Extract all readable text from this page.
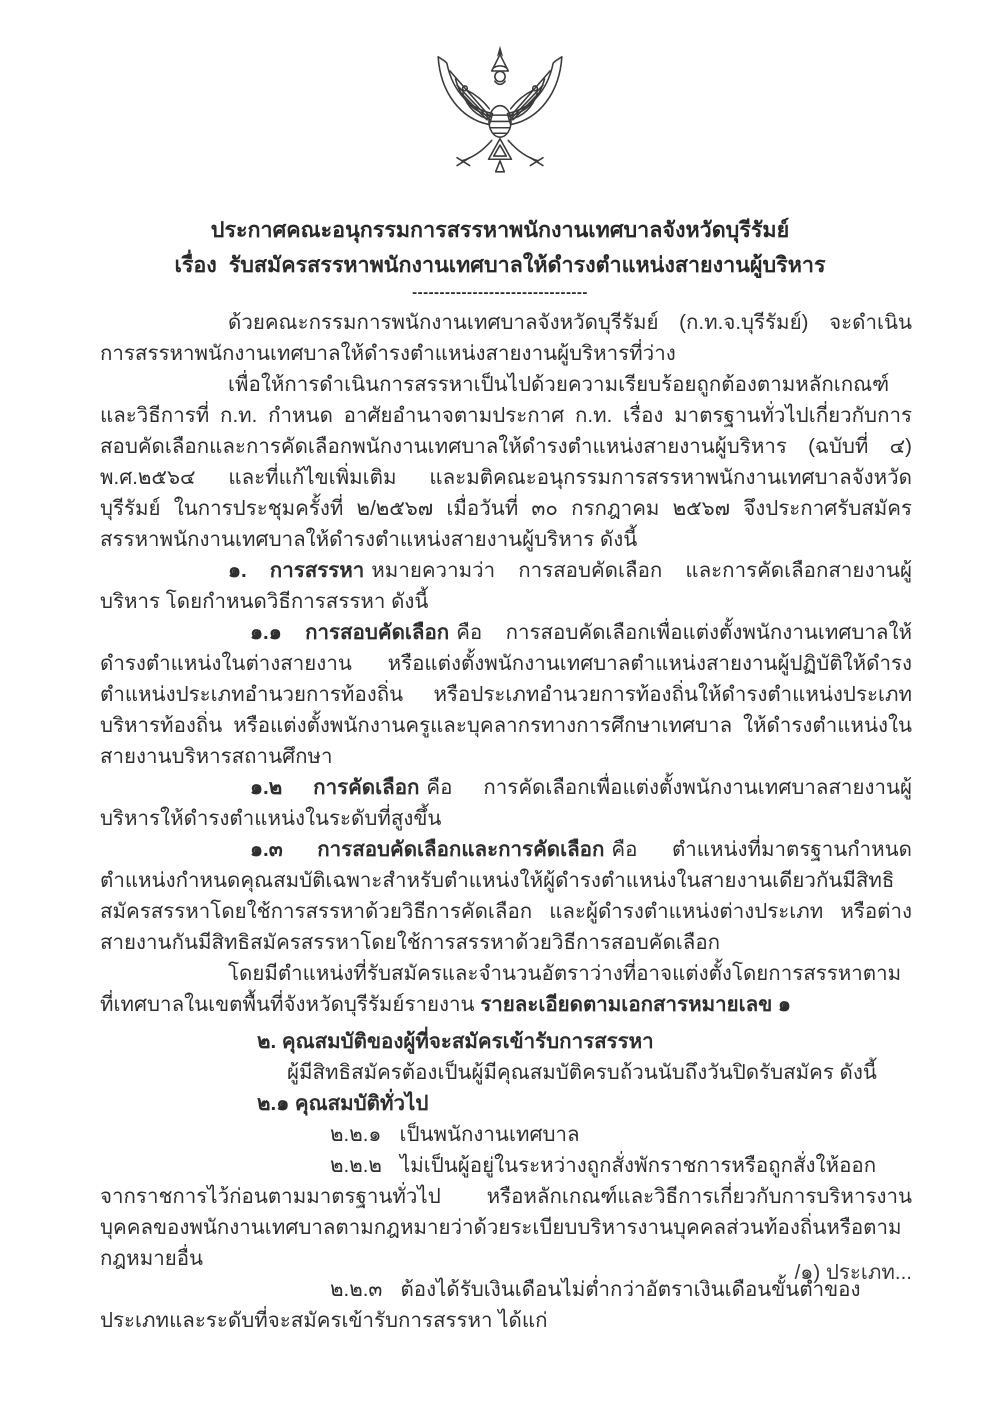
ประกาศคณะอนุกรรมการสรรหาพนักงานเทศบาลจังหวัดบุรีรัมย์
เรื่อง  รับสมัครสรรหาพนักงานเทศบาลให้ดำรงตำแหน่งสายงานผู้บริหาร
--------------------------------

ด้วยคณะกรรมการพนักงานเทศบาลจังหวัดบุรีรัมย์ (ก.ท.จ.บุรีรัมย์) จะดำเนินการสรรหาพนักงานเทศบาลให้ดำรงตำแหน่งสายงานผู้บริหารที่ว่าง

เพื่อให้การดำเนินการสรรหาเป็นไปด้วยความเรียบร้อยถูกต้องตามหลักเกณฑ์และวิธีการที่ ก.ท. กำหนด อาศัยอำนาจตามประกาศ ก.ท. เรื่อง มาตรฐานทั่วไปเกี่ยวกับการสอบคัดเลือกและการคัดเลือกพนักงานเทศบาลให้ดำรงตำแหน่งสายงานผู้บริหาร (ฉบับที่ ๔) พ.ศ.๒๕๖๔ และที่แก้ไขเพิ่มเติม และมติคณะอนุกรรมการสรรหาพนักงานเทศบาลจังหวัดบุรีรัมย์ ในการประชุมครั้งที่ ๒/๒๕๖๗ เมื่อวันที่ ๓๐ กรกฎาคม ๒๕๖๗ จึงประกาศรับสมัครสรรหาพนักงานเทศบาลให้ดำรงตำแหน่งสายงานผู้บริหาร ดังนี้

๑. การสรรหา หมายความว่า การสอบคัดเลือก และการคัดเลือกสายงานผู้บริหาร โดยกำหนดวิธีการสรรหา ดังนี้

๑.๑ การสอบคัดเลือก คือ การสอบคัดเลือกเพื่อแต่งตั้งพนักงานเทศบาลให้ดำรงตำแหน่งในต่างสายงาน หรือแต่งตั้งพนักงานเทศบาลตำแหน่งสายงานผู้ปฏิบัติให้ดำรงตำแหน่งประเภทอำนวยการท้องถิ่น หรือประเภทอำนวยการท้องถิ่นให้ดำรงตำแหน่งประเภทบริหารท้องถิ่น หรือแต่งตั้งพนักงานครูและบุคลากรทางการศึกษาเทศบาล ให้ดำรงตำแหน่งในสายงานบริหารสถานศึกษา

๑.๒ การคัดเลือก คือ การคัดเลือกเพื่อแต่งตั้งพนักงานเทศบาลสายงานผู้บริหารให้ดำรงตำแหน่งในระดับที่สูงขึ้น

๑.๓ การสอบคัดเลือกและการคัดเลือก คือ ตำแหน่งที่มาตรฐานกำหนดตำแหน่งกำหนดคุณสมบัติเฉพาะสำหรับตำแหน่งให้ผู้ดำรงตำแหน่งในสายงานเดียวกันมีสิทธิสมัครสรรหาโดยใช้การสรรหาด้วยวิธีการคัดเลือก และผู้ดำรงตำแหน่งต่างประเภท หรือต่างสายงานกันมีสิทธิสมัครสรรหาโดยใช้การสรรหาด้วยวิธีการสอบคัดเลือก

โดยมีตำแหน่งที่รับสมัครและจำนวนอัตราว่างที่อาจแต่งตั้งโดยการสรรหาตามที่เทศบาลในเขตพื้นที่จังหวัดบุรีรัมย์รายงาน รายละเอียดตามเอกสารหมายเลข ๑

๒. คุณสมบัติของผู้ที่จะสมัครเข้ารับการสรรหา

ผู้มีสิทธิสมัครต้องเป็นผู้มีคุณสมบัติครบถ้วนนับถึงวันปิดรับสมัคร ดังนี้

๒.๑ คุณสมบัติทั่วไป

๒.๒.๑ เป็นพนักงานเทศบาล

๒.๒.๒ ไม่เป็นผู้อยู่ในระหว่างถูกสั่งพักราชการหรือถูกสั่งให้ออกจากราชการไว้ก่อนตามมาตรฐานทั่วไป หรือหลักเกณฑ์และวิธีการเกี่ยวกับการบริหารงานบุคคลของพนักงานเทศบาลตามกฎหมายว่าด้วยระเบียบบริหารงานบุคคลส่วนท้องถิ่นหรือตามกฎหมายอื่น

๒.๒.๓ ต้องได้รับเงินเดือนไม่ต่ำกว่าอัตราเงินเดือนขั้นต่ำของประเภทและระดับที่จะสมัครเข้ารับการสรรหา ได้แก่

/๑) ประเภท...
